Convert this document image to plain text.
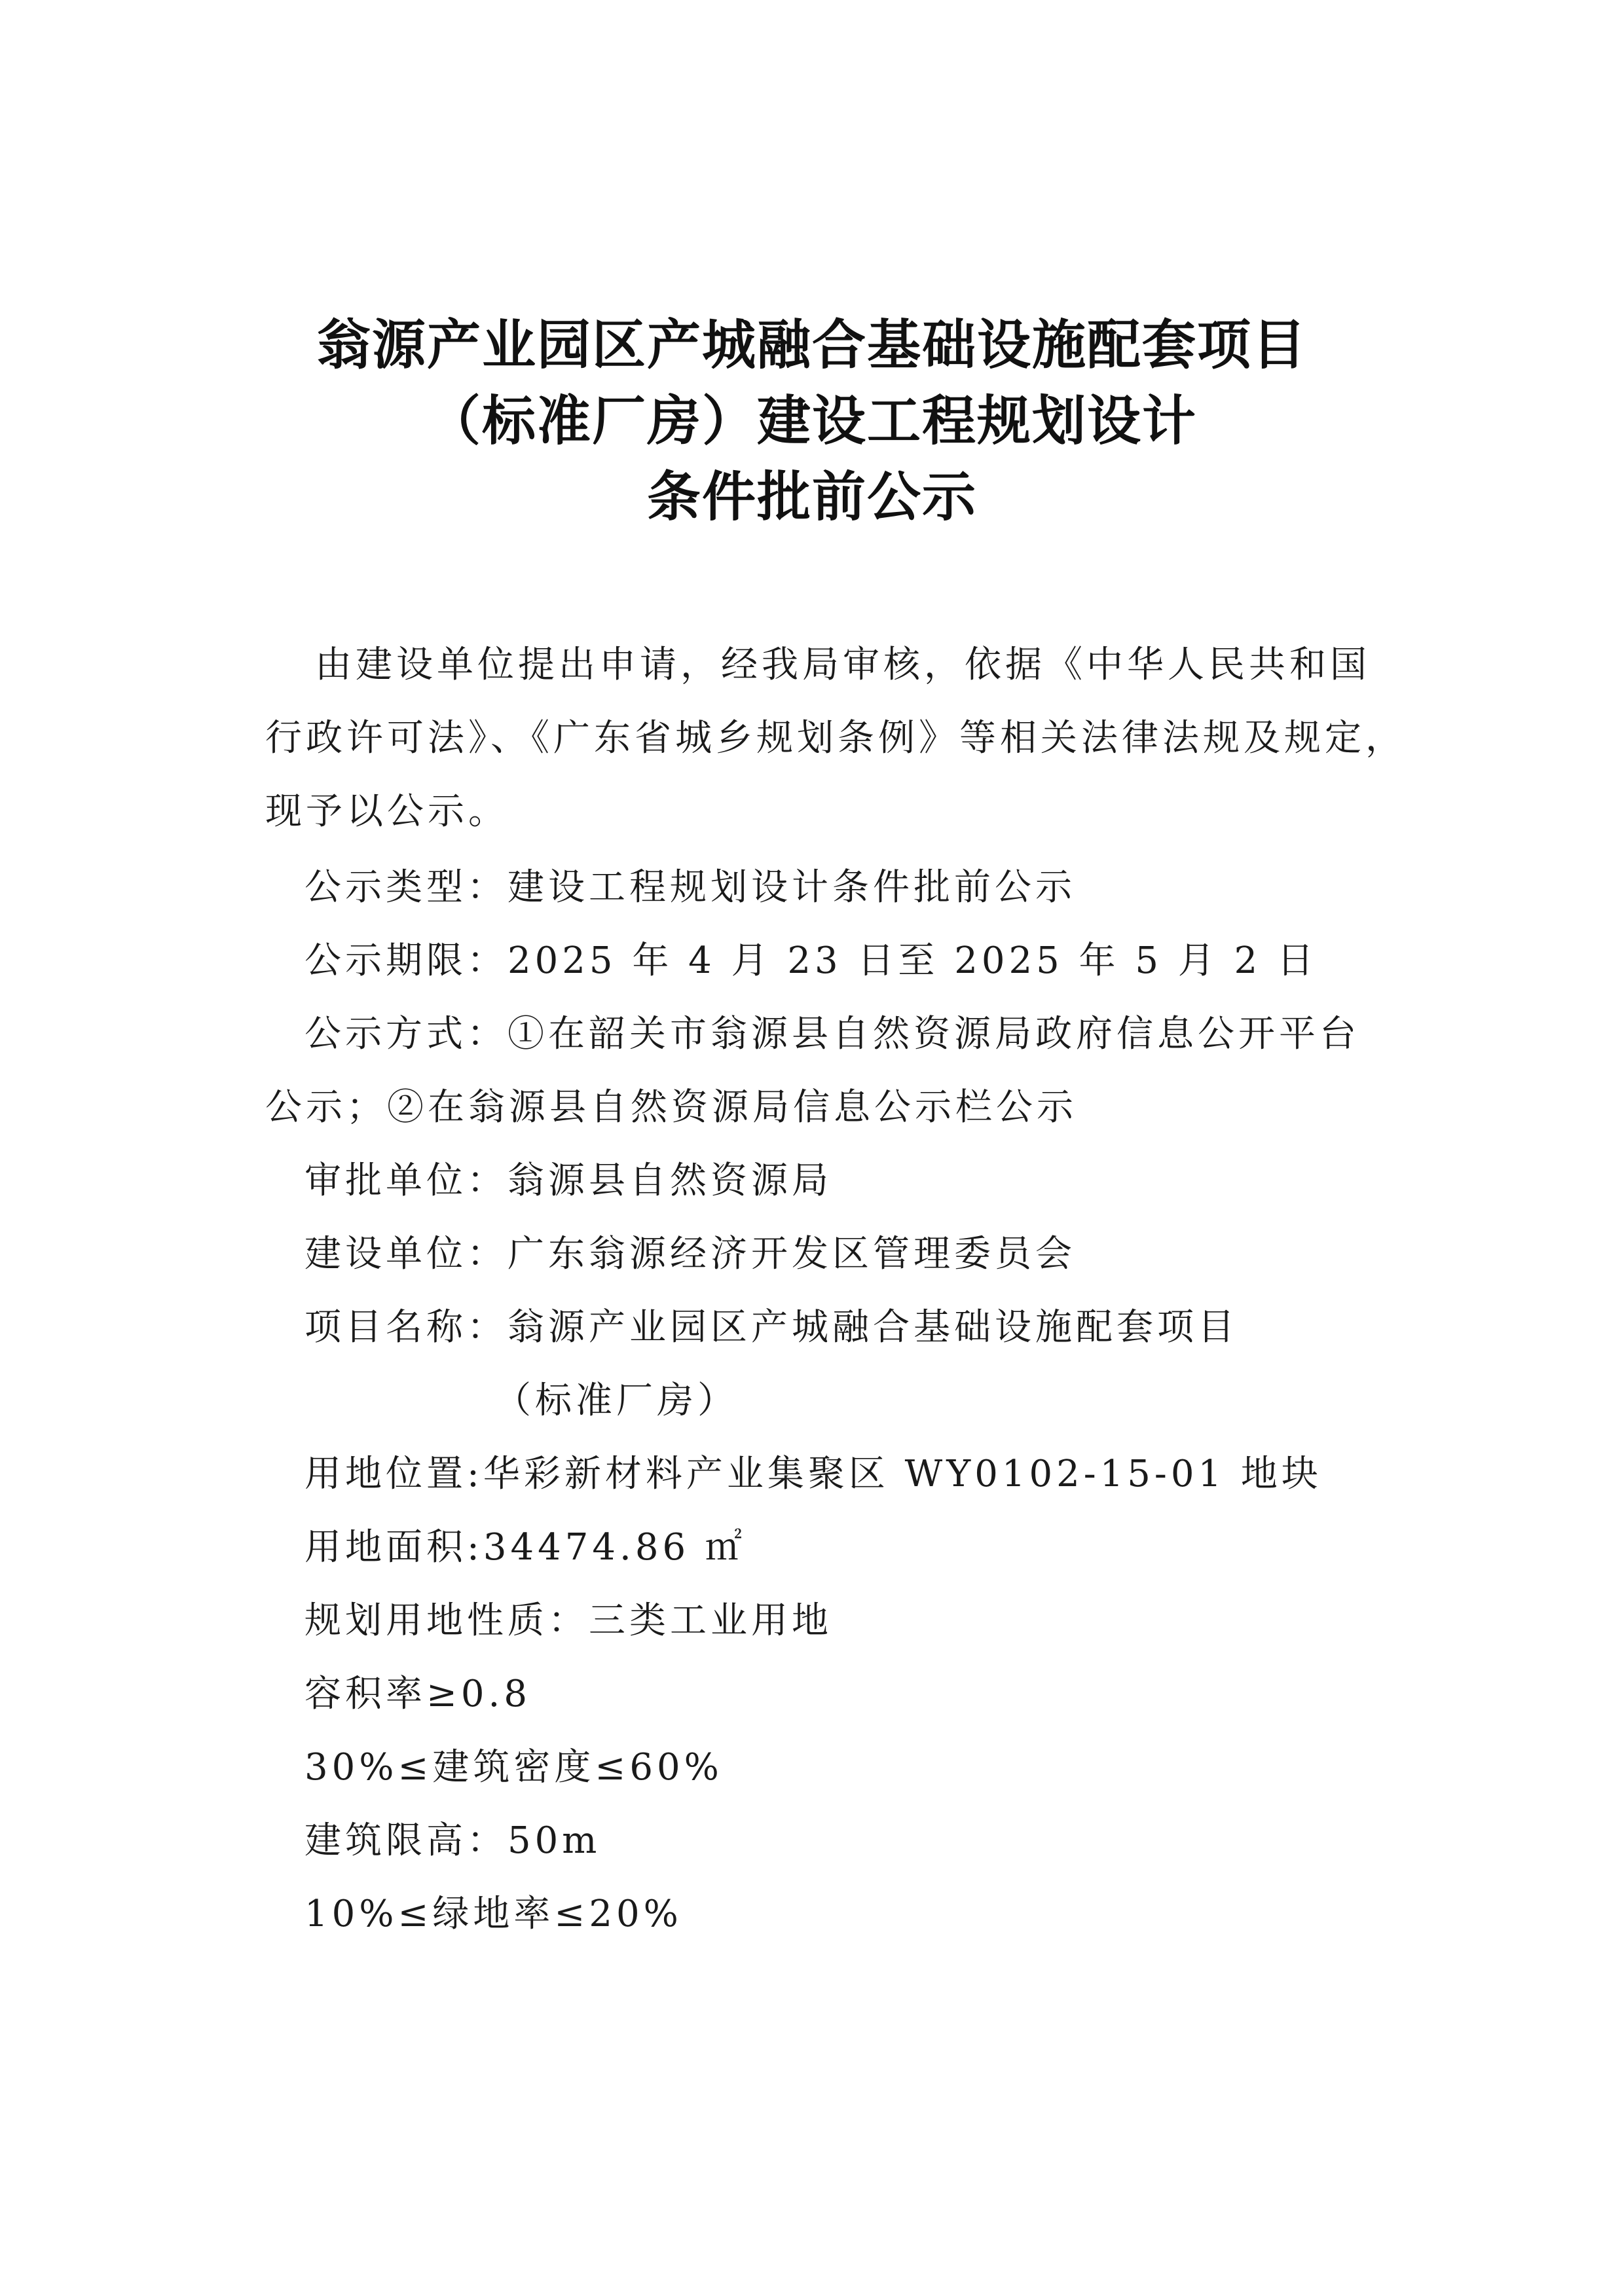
翁源产业园区产城融合基础设施配套项目
（标准厂房）建设工程规划设计
条件批前公示
由建设单位提出申请，经我局审核，依据《中华人民共和国
行政许可法》、《广东省城乡规划条例》等相关法律法规及规定，
现予以公示。
公示类型：建设工程规划设计条件批前公示
公示期限：2025 年 4 月 23 日至 2025 年 5 月 2 日
公示方式：①在韶关市翁源县自然资源局政府信息公开平台
公示；②在翁源县自然资源局信息公示栏公示
审批单位：翁源县自然资源局
建设单位：广东翁源经济开发区管理委员会
项目名称：翁源产业园区产城融合基础设施配套项目
（标准厂房）
用地位置:华彩新材料产业集聚区 WY0102-15-01 地块
用地面积:34474.86 ㎡
规划用地性质：三类工业用地
容积率≥0.8
30%≤建筑密度≤60%
建筑限高：50m
10%≤绿地率≤20%
